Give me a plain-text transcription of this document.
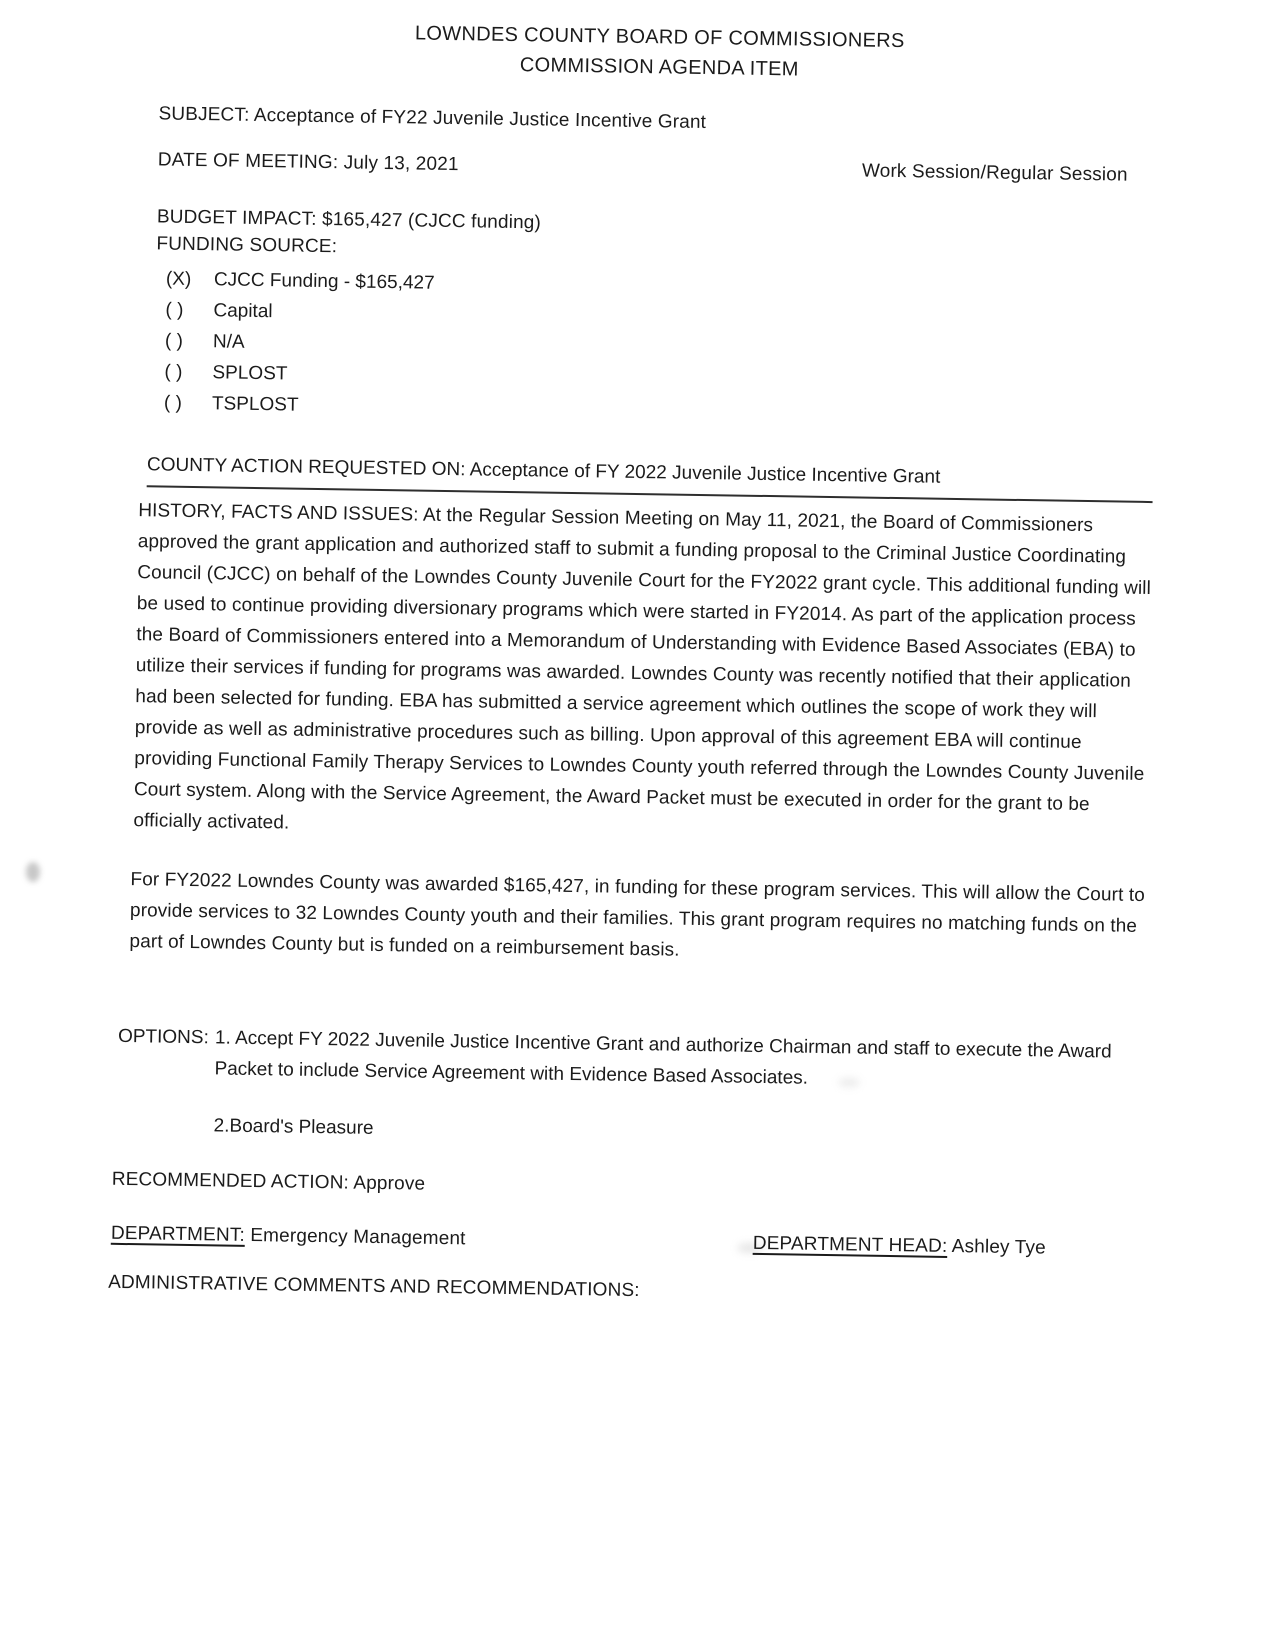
LOWNDES COUNTY BOARD OF COMMISSIONERS
COMMISSION AGENDA ITEM

SUBJECT: Acceptance of FY22 Juvenile Justice Incentive Grant

DATE OF MEETING: July 13, 2021	Work Session/Regular Session

BUDGET IMPACT: $165,427 (CJCC funding)

FUNDING SOURCE:

(X)	CJCC Funding - $165,427
( )	Capital
( )	N/A
( )	SPLOST
( )	TSPLOST
COUNTY ACTION REQUESTED ON: Acceptance of FY 2022 Juvenile Justice Incentive Grant

HISTORY, FACTS AND ISSUES: At the Regular Session Meeting on May 11, 2021, the Board of Commissioners approved the grant application and authorized staff to submit a funding proposal to the Criminal Justice Coordinating Council (CJCC) on behalf of the Lowndes County Juvenile Court for the FY2022 grant cycle. This additional funding will be used to continue providing diversionary programs which were started in FY2014. As part of the application process the Board of Commissioners entered into a Memorandum of Understanding with Evidence Based Associates (EBA) to utilize their services if funding for programs was awarded. Lowndes County was recently notified that their application had been selected for funding. EBA has submitted a service agreement which outlines the scope of work they will provide as well as administrative procedures such as billing. Upon approval of this agreement EBA will continue providing Functional Family Therapy Services to Lowndes County youth referred through the Lowndes County Juvenile Court system. Along with the Service Agreement, the Award Packet must be executed in order for the grant to be officially activated.

For FY2022 Lowndes County was awarded $165,427, in funding for these program services. This will allow the Court to provide services to 32 Lowndes County youth and their families. This grant program requires no matching funds on the part of Lowndes County but is funded on a reimbursement basis.

OPTIONS: 1. Accept FY 2022 Juvenile Justice Incentive Grant and authorize Chairman and staff to execute the Award Packet to include Service Agreement with Evidence Based Associates.

2.Board's Pleasure

RECOMMENDED ACTION: Approve

DEPARTMENT: Emergency Management	DEPARTMENT HEAD: Ashley Tye

ADMINISTRATIVE COMMENTS AND RECOMMENDATIONS:
